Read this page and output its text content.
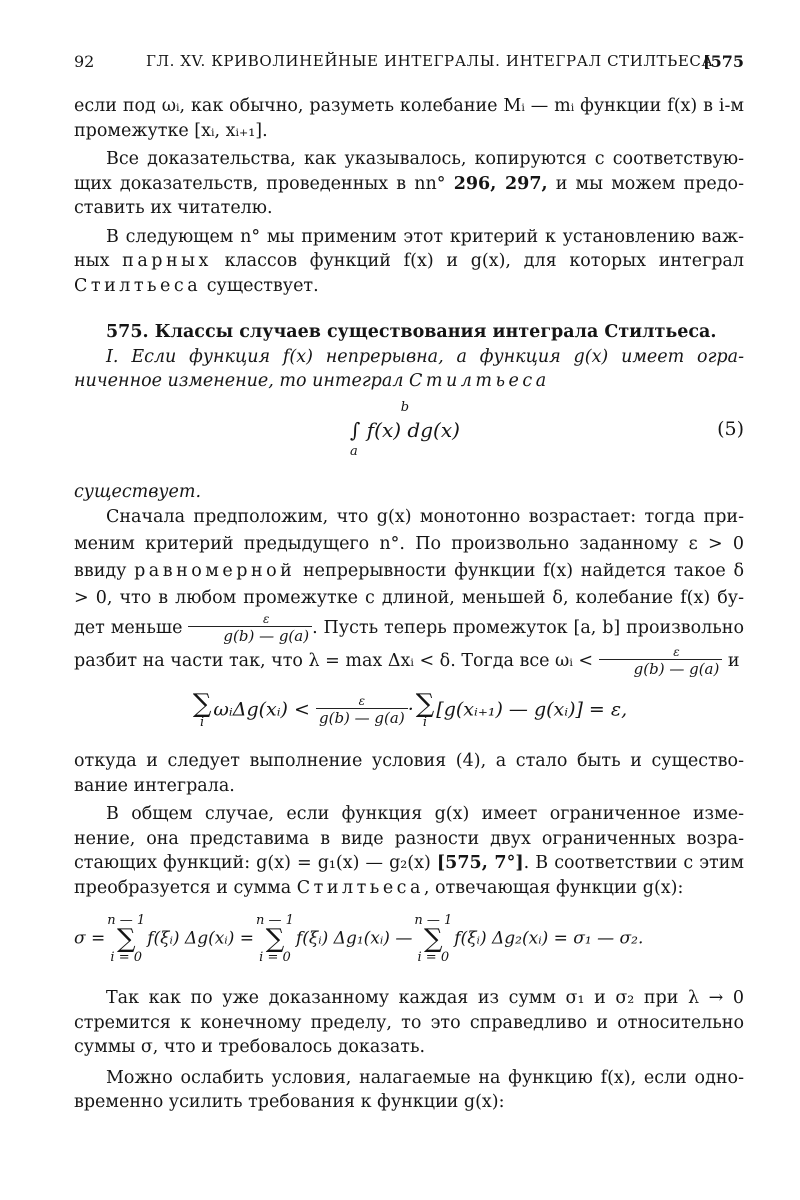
92	ГЛ. XV. КРИВОЛИНЕЙНЫЕ ИНТЕГРАЛЫ. ИНТЕГРАЛ СТИЛТЬЕСА
[575

если под ωᵢ, как обычно, разуметь колебание Mᵢ — mᵢ функции f(x) в i-м промежутке [xᵢ, xᵢ₊₁].

Все доказательства, как указывалось, копируются с соответствующих доказательств, проведенных в nn° 296, 297, и мы можем предоставить их читателю.

В следующем n° мы применим этот критерий к установлению важных парных классов функций f(x) и g(x), для которых интеграл Стилтьеса существует.

575. Классы случаев существования интеграла Стилтьеса.

I. Если функция f(x) непрерывна, а функция g(x) имеет ограниченное изменение, то интеграл Стилтьеса

b
∫ f(x) dg(x)
a
(5)

существует.

Сначала предположим, что g(x) монотонно возрастает: тогда применим критерий предыдущего n°. По произвольно заданному ε > 0 ввиду равномерной непрерывности функции f(x) найдется такое δ > 0, что в любом промежутке с длиной, меньшей δ, колебание f(x) будет меньше $\frac{\varepsilon}{g(b) — g(a)}$ . Пусть теперь промежуток [a, b] произвольно разбит на части так, что λ = max Δxᵢ < δ. Тогда все ωᵢ < $\frac{\varepsilon}{g(b) — g(a)}$ и

∑
i
ωᵢΔg(xᵢ) < $\frac{\varepsilon}{g(b) — g(a)}$ · ∑
i
[g(xᵢ₊₁) — g(xᵢ)] = ε,

откуда и следует выполнение условия (4), а стало быть и существование интеграла.

В общем случае, если функция g(x) имеет ограниченное изменение, она представима в виде разности двух ограниченных возрастающих функций: g(x) = g₁(x) — g₂(x) [575, 7°]. В соответствии с этим преобразуется и сумма Стилтьеса, отвечающая функции g(x):

σ =
n — 1
∑
i = 0
f(ξᵢ) Δg(xᵢ) =
n — 1
∑
i = 0
f(ξᵢ) Δg₁(xᵢ) —
n — 1
∑
i = 0
f(ξᵢ) Δg₂(xᵢ) = σ₁ — σ₂.

Так как по уже доказанному каждая из сумм σ₁ и σ₂ при λ → 0 стремится к конечному пределу, то это справедливо и относительно суммы σ, что и требовалось доказать.

Можно ослабить условия, налагаемые на функцию f(x), если одновременно усилить требования к функции g(x):
